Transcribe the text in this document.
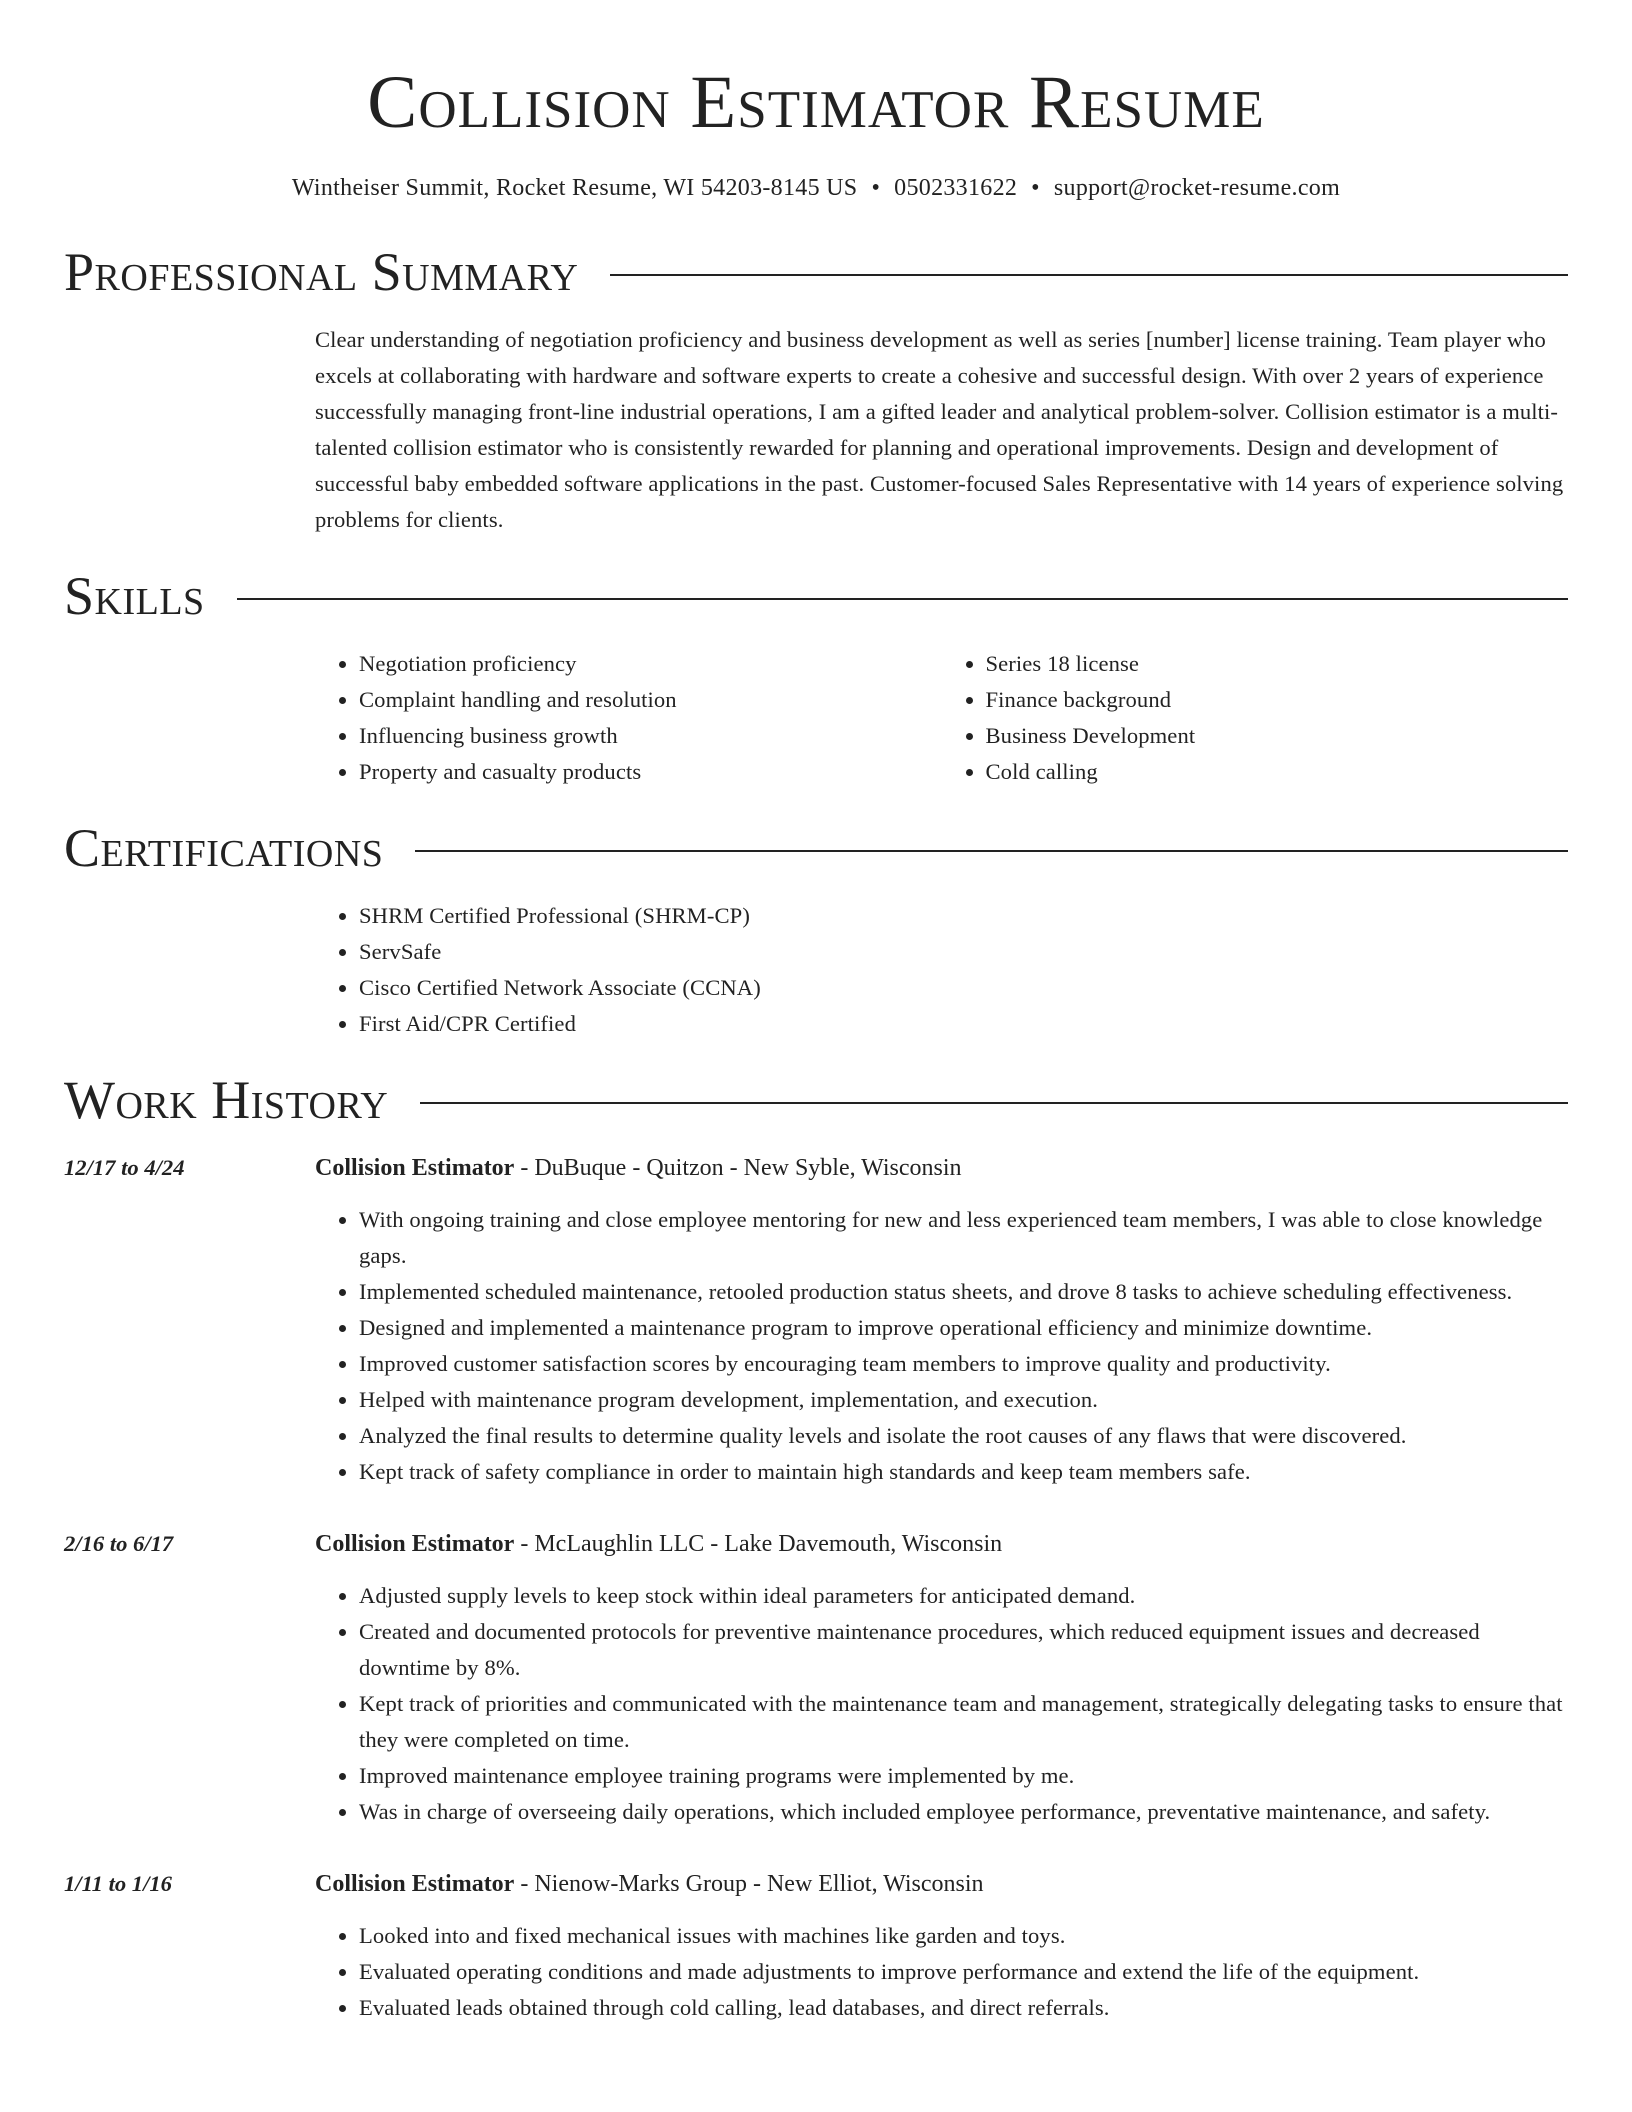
Collision Estimator Resume
Wintheiser Summit, Rocket Resume, WI 54203-8145 US • 0502331622 • support@rocket-resume.com
Professional Summary

Clear understanding of negotiation proficiency and business development as well as series [number] license training. Team player who excels at collaborating with hardware and software experts to create a cohesive and successful design. With over 2 years of experience successfully managing front-line industrial operations, I am a gifted leader and analytical problem-solver. Collision estimator is a multi-talented collision estimator who is consistently rewarded for planning and operational improvements. Design and development of successful baby embedded software applications in the past. Customer-focused Sales Representative with 14 years of experience solving problems for clients.

Skills
• Negotiation proficiency
• Complaint handling and resolution
• Influencing business growth
• Property and casualty products
• Series 18 license
• Finance background
• Business Development
• Cold calling
Certifications
• SHRM Certified Professional (SHRM-CP)
• ServSafe
• Cisco Certified Network Associate (CCNA)
• First Aid/CPR Certified
Work History
12/17 to 4/24	Collision Estimator - DuBuque - Quitzon - New Syble, Wisconsin
• With ongoing training and close employee mentoring for new and less experienced team members, I was able to close knowledge gaps.
• Implemented scheduled maintenance, retooled production status sheets, and drove 8 tasks to achieve scheduling effectiveness.
• Designed and implemented a maintenance program to improve operational efficiency and minimize downtime.
• Improved customer satisfaction scores by encouraging team members to improve quality and productivity.
• Helped with maintenance program development, implementation, and execution.
• Analyzed the final results to determine quality levels and isolate the root causes of any flaws that were discovered.
• Kept track of safety compliance in order to maintain high standards and keep team members safe.
2/16 to 6/17	Collision Estimator - McLaughlin LLC - Lake Davemouth, Wisconsin
• Adjusted supply levels to keep stock within ideal parameters for anticipated demand.
• Created and documented protocols for preventive maintenance procedures, which reduced equipment issues and decreased downtime by 8%.
• Kept track of priorities and communicated with the maintenance team and management, strategically delegating tasks to ensure that they were completed on time.
• Improved maintenance employee training programs were implemented by me.
• Was in charge of overseeing daily operations, which included employee performance, preventative maintenance, and safety.
1/11 to 1/16	Collision Estimator - Nienow-Marks Group - New Elliot, Wisconsin
• Looked into and fixed mechanical issues with machines like garden and toys.
• Evaluated operating conditions and made adjustments to improve performance and extend the life of the equipment.
• Evaluated leads obtained through cold calling, lead databases, and direct referrals.
